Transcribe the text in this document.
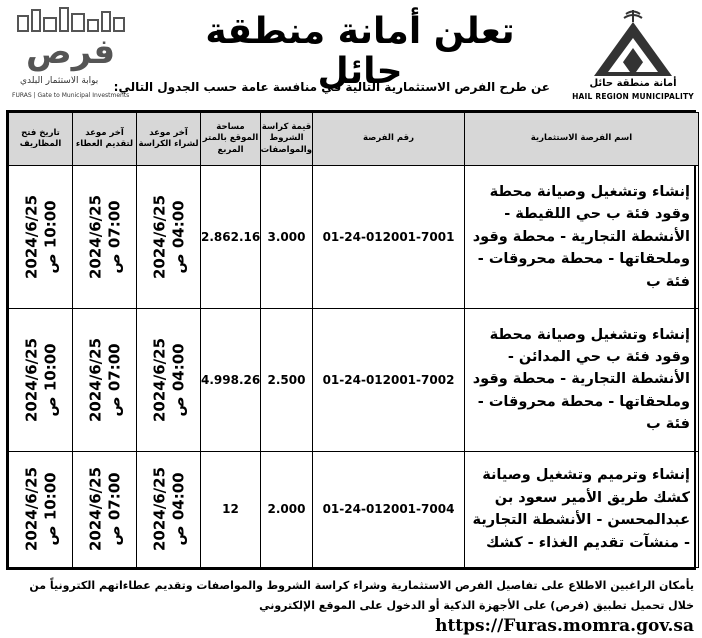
أمانة منطقة حائل
HAIL REGION MUNICIPALITY
تعلن أمانة منطقة حائل
عن طرح الفرص الاستثمارية التالية في منافسة عامة حسب الجدول التالي:
فرص
بوابة الاستثمار البلدي
FURAS | Gate to Municipal Investments
اسم الفرصة الاستثمارية	رقم الفرصة	قيمة كراسة الشروط والمواصفات	مساحة الموقع بالمتر المربع	آخر موعد لشراء الكراسة	آخر موعد لتقديم العطاء	تاريخ فتح المظاريف
إنشاء وتشغيل وصيانة محطة وقود فئة ب حي اللقيطة - الأنشطة التجارية - محطة وقود وملحقاتها - محطة محروقات - فئة ب	01-24-012001-7001	3.000	2.862.16	2024/6/25 04:00 ص	2024/6/25 07:00 ص	2024/6/25 10:00 ص

إنشاء وتشغيل وصيانة محطة وقود فئة ب حي المدائن - الأنشطة التجارية - محطة وقود وملحقاتها - محطة محروقات - فئة ب	01-24-012001-7002	2.500	4.998.26	2024/6/25 04:00 ص	2024/6/25 07:00 ص	2024/6/25 10:00 ص

إنشاء وترميم وتشغيل وصيانة كشك طريق الأمير سعود بن عبدالمحسن - الأنشطة التجارية - منشآت تقديم الغذاء - كشك	01-24-012001-7004	2.000	12	2024/6/25 04:00 ص	2024/6/25 07:00 ص	2024/6/25 10:00 ص
يأمكان الراغبين الاطلاع على تفاصيل الفرص الاستثمارية وشراء كراسة الشروط والمواصفات وتقديم عطاءاتهم الكترونياً من
خلال تحميل تطبيق (فرص) على الأجهزة الذكية أو الدخول على الموقع الإلكتروني https://Furas.momra.gov.sa
